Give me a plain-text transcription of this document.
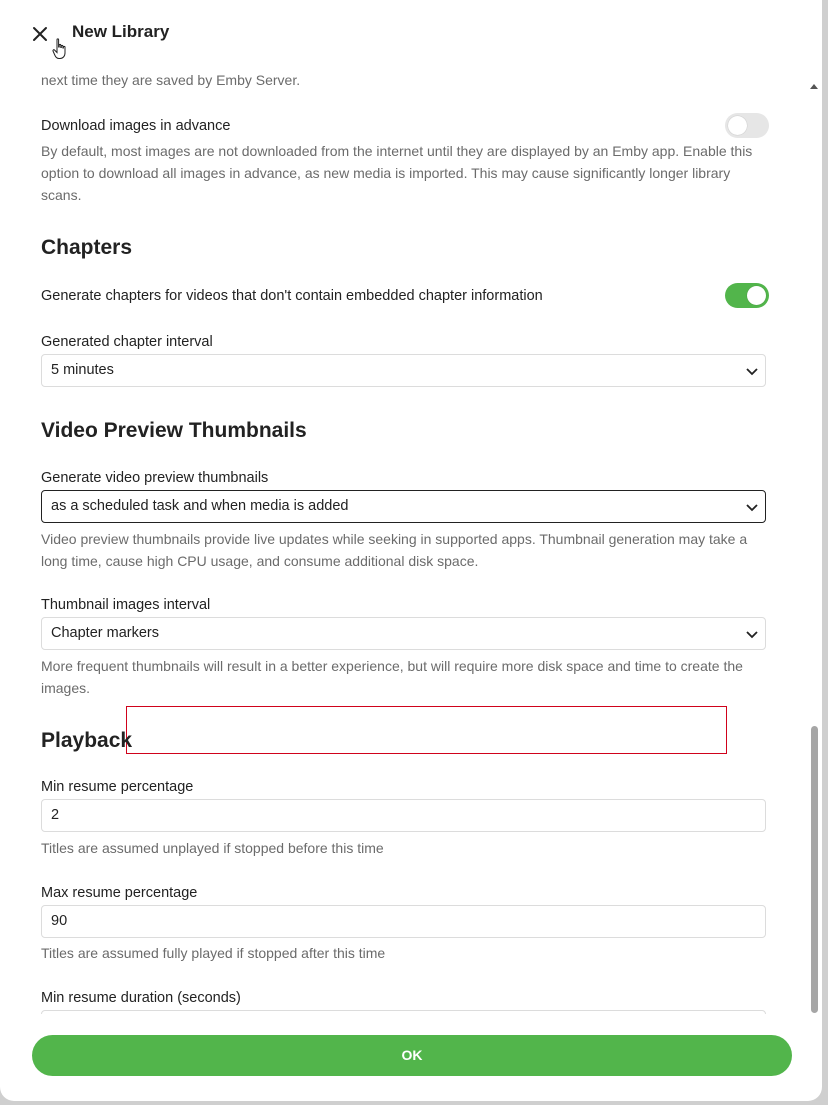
New Library
next time they are saved by Emby Server.
Download images in advance
By default, most images are not downloaded from the internet until they are displayed by an Emby app. Enable this option to download all images in advance, as new media is imported. This may cause significantly longer library scans.
Chapters
Generate chapters for videos that don't contain embedded chapter information
Generated chapter interval
5 minutes
Video Preview Thumbnails
Generate video preview thumbnails
as a scheduled task and when media is added
Video preview thumbnails provide live updates while seeking in supported apps. Thumbnail generation may take a long time, cause high CPU usage, and consume additional disk space.
Thumbnail images interval
Chapter markers
More frequent thumbnails will result in a better experience, but will require more disk space and time to create the images.
Playback
Min resume percentage
2
Titles are assumed unplayed if stopped before this time
Max resume percentage
90
Titles are assumed fully played if stopped after this time
Min resume duration (seconds)
OK
